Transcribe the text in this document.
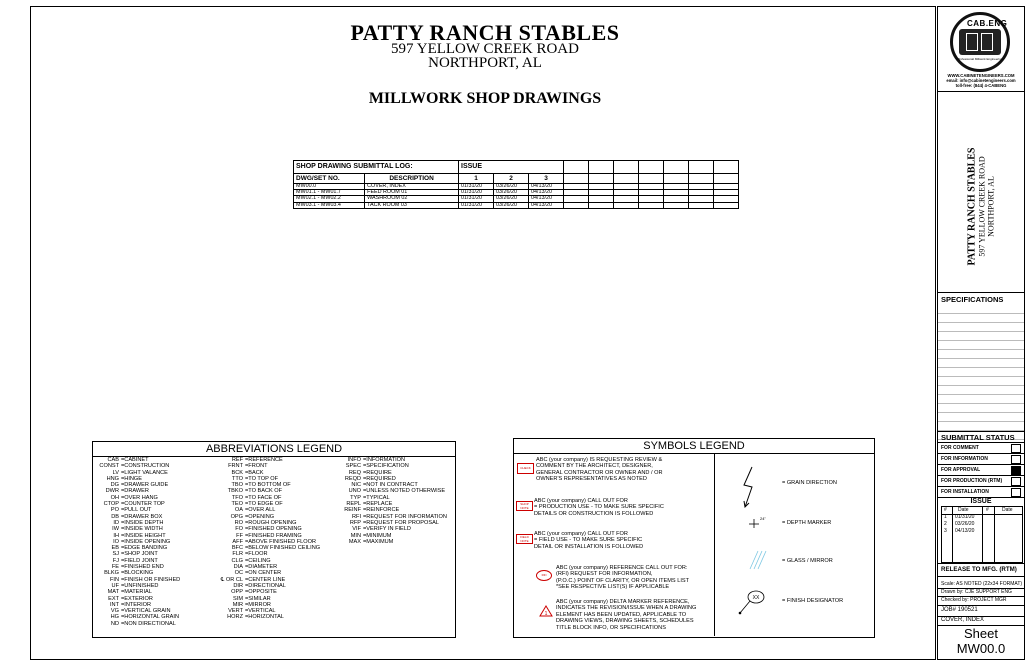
PATTY RANCH STABLES
597 YELLOW CREEK ROAD
NORTHPORT, AL
MILLWORK SHOP DRAWINGS
SHOP DRAWING SUBMITTAL LOG:		ISSUE									
DWG/SET NO.	DESCRIPTION	1	2	3							
MW00.0	COVER, INDEX	01/31/20	03/26/20	04/13/20							
MW01.1 - MW01.7	FEED ROOM 01	01/31/20	03/26/20	04/13/20							
MW02.1 - MW02.2	WASHROOM 02	01/31/20	03/26/20	04/13/20							
MW03.1 - MW03.4	TACK ROOM 03	01/31/20	03/26/20	04/13/20							
ABBREVIATIONS LEGEND
CAB = CABINET
CONST = CONSTRUCTION
LV = LIGHT VALANCE
HNG = HINGE
DG = DRAWER GUIDE
DWR = DRAWER
OH = OVER HANG
CTOP = COUNTER TOP
PO = PULL OUT
DB = DRAWER BOX
ID = INSIDE DEPTH
IW = INSIDE WIDTH
IH = INSIDE HEIGHT
IO = INSIDE OPENING
EB = EDGE BANDING
SJ = SHOP JOINT
FJ = FIELD JOINT
FE = FINISHED END
BLKG = BLOCKING
FIN = FINISH OR FINISHED
UF = UNFINISHED
MAT = MATERIAL
EXT = EXTERIOR
INT = INTERIOR
VG = VERTICAL GRAIN
HG = HORIZONTAL GRAIN
ND = NON DIRECTIONAL
REF = REFERENCE
FRNT = FRONT
BCK = BACK
TTO = TO TOP OF
TBO = TO BOTTOM OF
TBKO = TO BACK OF
TFO = TO FACE OF
TEO = TO EDGE OF
OA = OVER ALL
OPG = OPENING
RO = ROUGH OPENING
FO = FINISHED OPENING
FF = FINISHED FRAMING
AFF = ABOVE FINISHED FLOOR
BFC = BELOW FINISHED CEILING
FLR = FLOOR
CLG = CEILING
DIA = DIAMETER
OC = ON CENTER
℄ OR CL = CENTER LINE
DIR = DIRECTIONAL
OPP = OPPOSITE
SIM = SIMILAR
MIR = MIRROR
VERT = VERTICAL
HORZ = HORIZONTAL
INFO = INFORMATION
SPEC = SPECIFICATION
REQ = REQUIRE
REQD = REQUIRED
NIC = NOT IN CONTRACT
UNO = UNLESS NOTED OTHERWISE
TYP = TYPICAL
REPL = REPLACE
REINF = REINFORCE
RFI = REQUEST FOR INFORMATION
RFP = REQUEST FOR PROPOSAL
VIF = VERIFY IN FIELD
MIN = MINIMUM
MAX = MAXIMUM
SYMBOLS LEGEND
CHECK
ABC (your company) IS REQUESTING REVIEW &
COMMENT BY THE ARCHITECT, DESIGNER,
GENERAL CONTRACTOR OR OWNER AND / OR
OWNER'S REPRESENTATIVES AS NOTED
SHOP NOTE
ABC (your company) CALL OUT FOR
= PRODUCTION USE - TO MAKE SURE SPECIFIC
DETAILS OR CONSTRUCTION IS FOLLOWED
FIELD NOTE
ABC (your company) CALL OUT FOR
= FIELD USE - TO MAKE SURE SPECIFIC
DETAIL OR INSTALLATION IS FOLLOWED
RFI
ABC (your company) REFERENCE CALL OUT FOR:
(RFI) REQUEST FOR INFORMATION,
(P.O.C.) POINT OF CLARITY, OR OPEN ITEMS LIST
*SEE RESPECTIVE LIST(S) IF APPLICABLE
1
ABC (your company) DELTA MARKER REFERENCE,
INDICATES THE REVISION/ISSUE WHEN A DRAWING
ELEMENT HAS BEEN UPDATED, APPLICABLE TO
DRAWING VIEWS, DRAWING SHEETS, SCHEDULES
TITLE BLOCK INFO, OR SPECIFICATIONS
= GRAIN DIRECTION
24"
= DEPTH MARKER
= GLASS / MIRROR
XX	= FINISH DESIGNATOR
CAB.ENG
Professional Millwork Engineering
WWW.CABINETENGINEERS.COM
email: info@cabinetengineers.com
toll-free: (844) 4-CABENG
PATTY RANCH STABLES 597 YELLOW CREEK ROAD NORTHPORT, AL
SPECIFICATIONS
SUBMITTAL STATUS
FOR COMMENT
FOR INFORMATION
FOR APPROVAL
FOR PRODUCTION (RTM)
FOR INSTALLATION
ISSUE
# Date	#	Date
1 01/31/20
2 03/26/20
3 04/13/20
RELEASE TO MFG. (RTM)
Scale: AS NOTED (22x34 FORMAT)
Drawn by: CJE SUPPORT ENG
Checked by: PROJECT MGR
JOB# 190521
COVER, INDEX
Sheet
MW00.0
